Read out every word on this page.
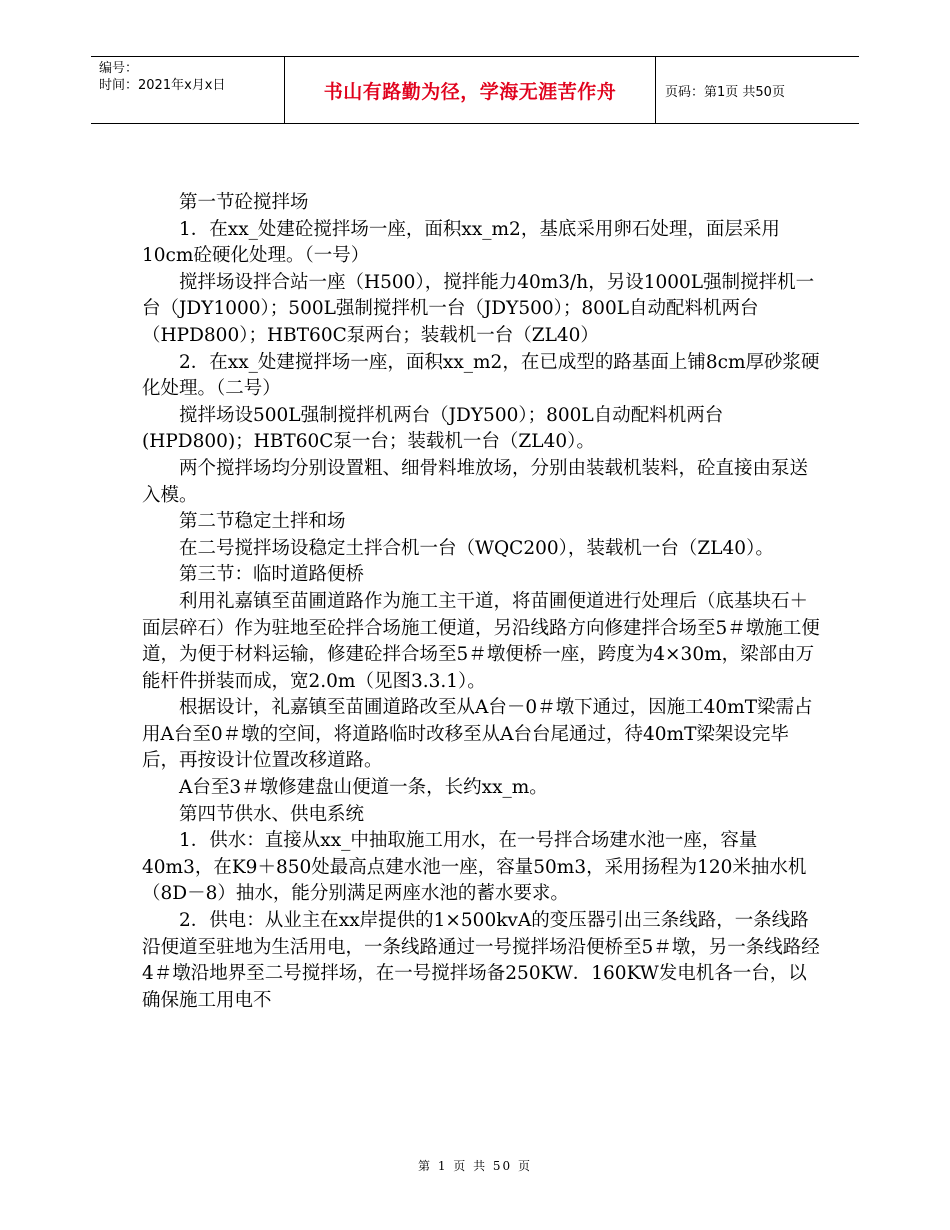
编号：
时间：2021年x月x日	书山有路勤为径，学海无涯苦作舟	页码：第1页 共50页

第一节砼搅拌场

1．在xx_处建砼搅拌场一座，面积xx_m2，基底采用卵石处理，面层采用10cm砼硬化处理。（一号）

搅拌场设拌合站一座（H500），搅拌能力40m3/h，另设1000L强制搅拌机一台（JDY1000）；500L强制搅拌机一台（JDY500）；800L自动配料机两台（HPD800）；HBT60C泵两台；装载机一台（ZL40）

2．在xx_处建搅拌场一座，面积xx_m2，在已成型的路基面上铺8cm厚砂浆硬化处理。（二号）

搅拌场设500L强制搅拌机两台（JDY500）；800L自动配料机两台(HPD800)；HBT60C泵一台；装载机一台（ZL40）。

两个搅拌场均分别设置粗、细骨料堆放场，分别由装载机装料，砼直接由泵送入模。

第二节稳定土拌和场

在二号搅拌场设稳定土拌合机一台（WQC200），装载机一台（ZL40）。

第三节：临时道路便桥

利用礼嘉镇至苗圃道路作为施工主干道，将苗圃便道进行处理后（底基块石＋面层碎石）作为驻地至砼拌合场施工便道，另沿线路方向修建拌合场至5＃墩施工便道，为便于材料运输，修建砼拌合场至5＃墩便桥一座，跨度为4×30m，梁部由万能杆件拼装而成，宽2.0m（见图3.3.1）。

根据设计，礼嘉镇至苗圃道路改至从A台－0＃墩下通过，因施工40mT梁需占用A台至0＃墩的空间，将道路临时改移至从A台台尾通过，待40mT梁架设完毕后，再按设计位置改移道路。

A台至3＃墩修建盘山便道一条，长约xx_m。

第四节供水、供电系统

1．供水：直接从xx_中抽取施工用水，在一号拌合场建水池一座，容量40m3，在K9＋850处最高点建水池一座，容量50m3，采用扬程为120米抽水机（8D－8）抽水，能分别满足两座水池的蓄水要求。

2．供电：从业主在xx岸提供的1×500kvA的变压器引出三条线路，一条线路沿便道至驻地为生活用电，一条线路通过一号搅拌场沿便桥至5＃墩，另一条线路经4＃墩沿地界至二号搅拌场，在一号搅拌场备250KW．160KW发电机各一台，以确保施工用电不

第 1 页 共 50 页
